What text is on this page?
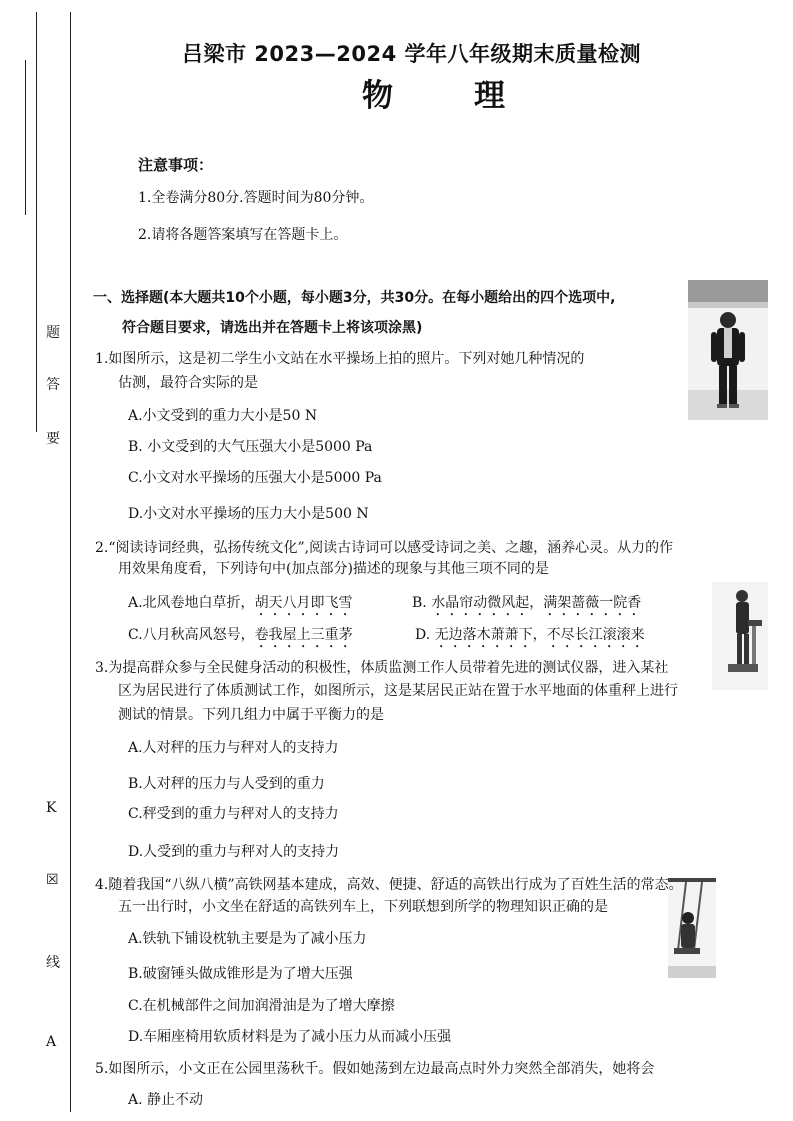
题
答
要
K
☒
线
A
吕梁市 2023—2024 学年八年级期末质量检测
物	理
注意事项：
1.全卷满分80分.答题时间为80分钟。
2.请将各题答案填写在答题卡上。
一、选择题(本大题共10个小题，每小题3分，共30分。在每小题给出的四个选项中,
符合题目要求，请选出并在答题卡上将该项涂黑)
1.如图所示，这是初二学生小文站在水平操场上拍的照片。下列对她几种情况的
估测，最符合实际的是
A.小文受到的重力大小是50 N
B. 小文受到的大气压强大小是5000 Pa
C.小文对水平操场的压强大小是5000 Pa
D.小文对水平操场的压力大小是500 N
2.“阅读诗词经典，弘扬传统文化”,阅读古诗词可以感受诗词之美、之趣，涵养心灵。从力的作
用效果角度看，下列诗句中(加点部分)描述的现象与其他三项不同的是
A.北风卷地白草折，胡天八月即飞雪	B. 水晶帘动微风起，满架蔷薇一院香
C.八月秋高风怒号，卷我屋上三重茅	D. 无边落木萧萧下，不尽长江滚滚来
3.为提高群众参与全民健身活动的积极性，体质监测工作人员带着先进的测试仪器，进入某社
区为居民进行了体质测试工作，如图所示，这是某居民正站在置于水平地面的体重秤上进行
测试的情景。下列几组力中属于平衡力的是
A.人对秤的压力与秤对人的支持力
B.人对秤的压力与人受到的重力
C.秤受到的重力与秤对人的支持力
D.人受到的重力与秤对人的支持力
4.随着我国“八纵八横”高铁网基本建成，高效、便捷、舒适的高铁出行成为了百姓生活的常态。
五一出行时，小文坐在舒适的高铁列车上，下列联想到所学的物理知识正确的是
A.铁轨下铺设枕轨主要是为了减小压力
B.破窗锤头做成锥形是为了增大压强
C.在机械部件之间加润滑油是为了增大摩擦
D.车厢座椅用软质材料是为了减小压力从而减小压强
5.如图所示，小文正在公园里荡秋千。假如她荡到左边最高点时外力突然全部消失，她将会
A. 静止不动
